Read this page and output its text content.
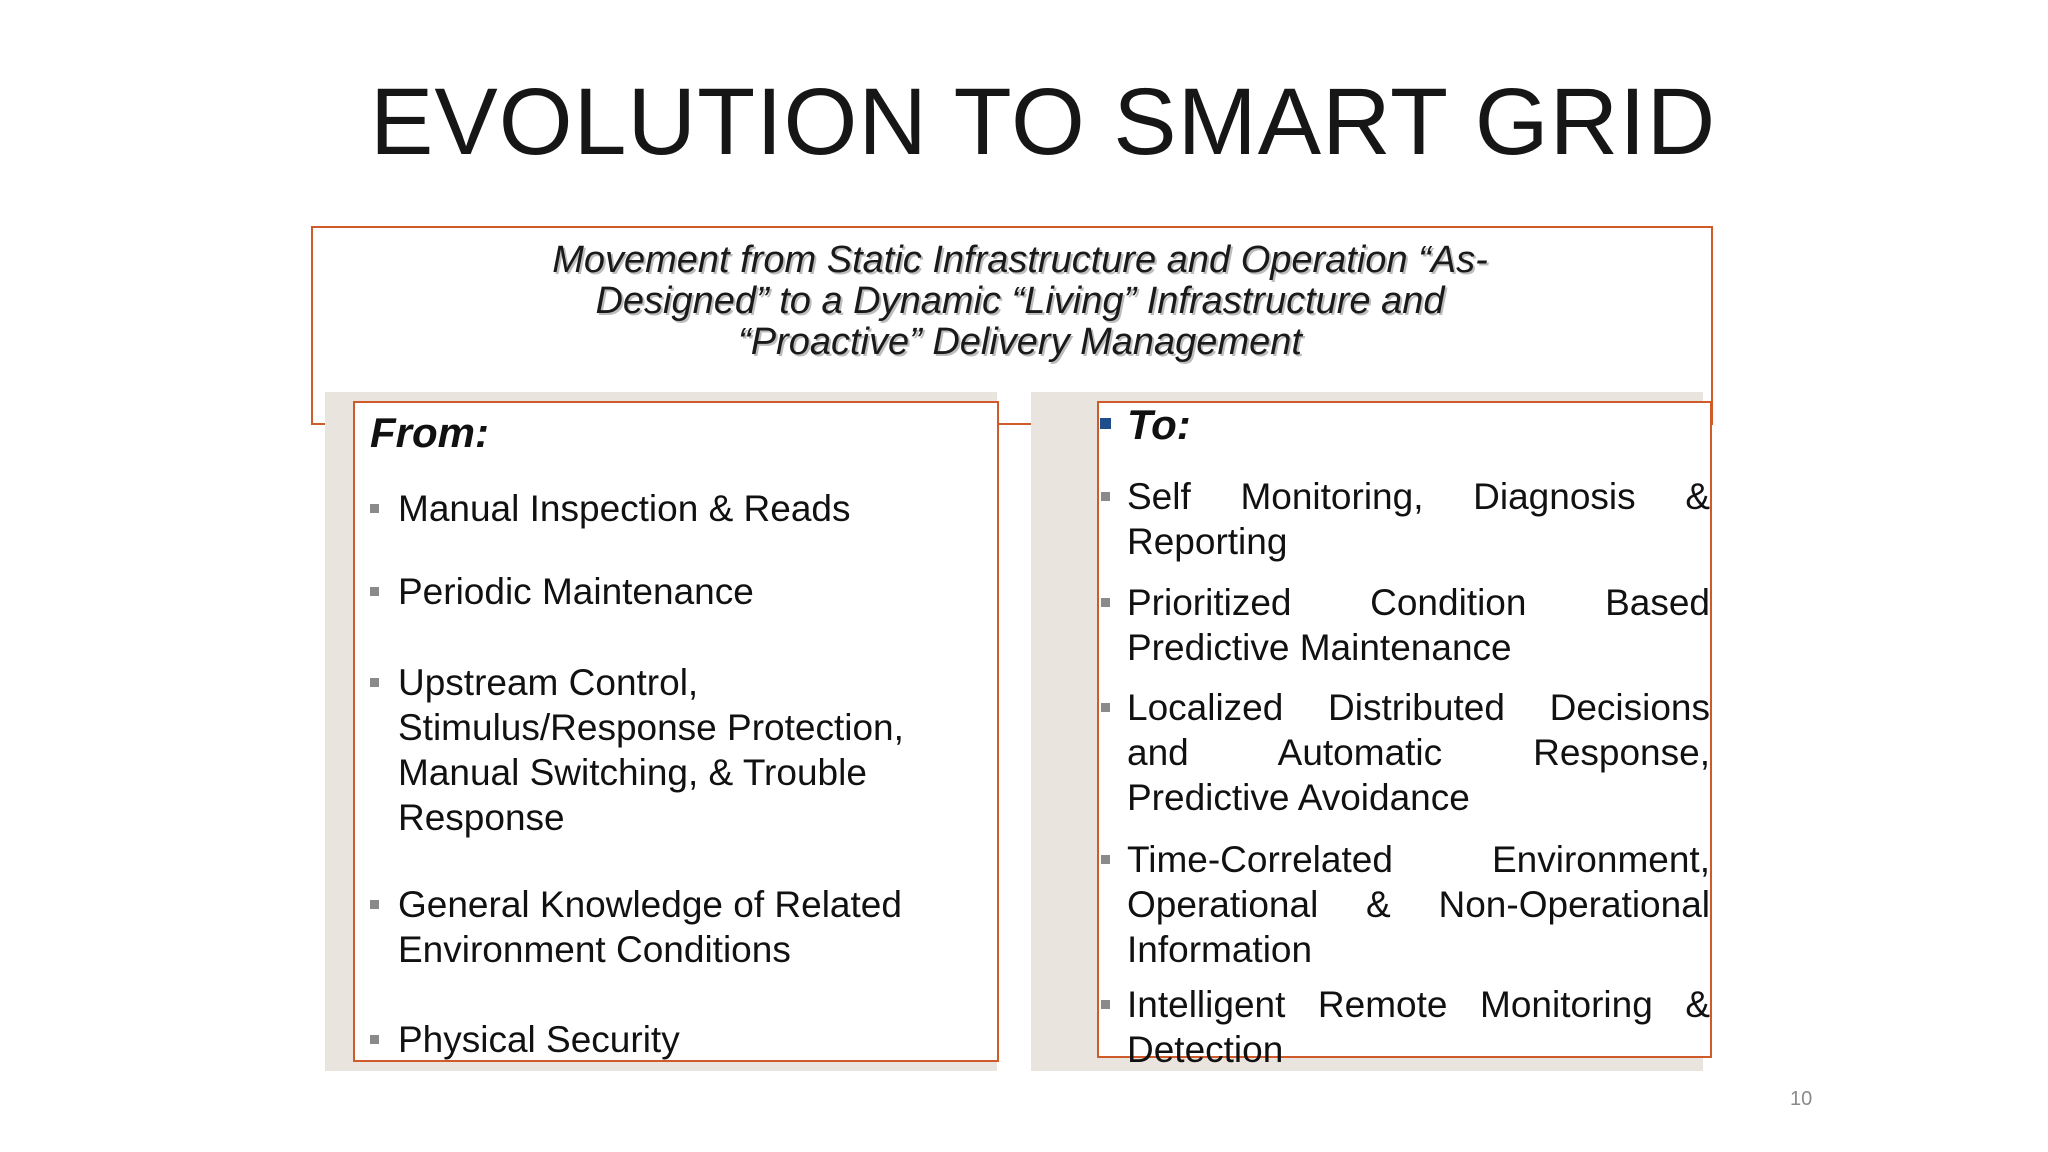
EVOLUTION TO SMART GRID
Movement from Static Infrastructure and Operation “As-
Designed” to a Dynamic “Living” Infrastructure and
“Proactive” Delivery Management
From:	To:
Manual Inspection & Reads
Periodic Maintenance
Upstream Control, Stimulus/Response Protection, Manual Switching, & Trouble Response
General Knowledge of Related Environment Conditions
Physical Security
Self Monitoring, Diagnosis & Reporting
Prioritized Condition Based Predictive Maintenance
Localized Distributed Decisions and Automatic Response, Predictive Avoidance
Time-Correlated Environment, Operational & Non-Operational Information
Intelligent Remote Monitoring & Detection
10
